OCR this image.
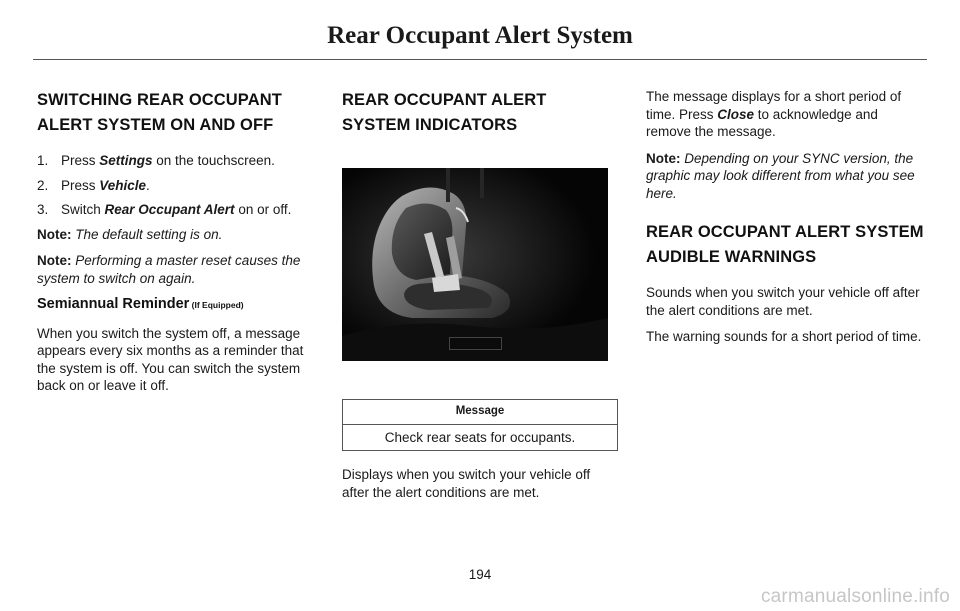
Rear Occupant Alert System
SWITCHING REAR OCCUPANT ALERT SYSTEM ON AND OFF
1. Press Settings on the touchscreen.
2. Press Vehicle.
3. Switch Rear Occupant Alert on or off.

Note: The default setting is on.

Note: Performing a master reset causes the system to switch on again.

Semiannual Reminder (If Equipped)

When you switch the system off, a message appears every six months as a reminder that the system is off. You can switch the system back on or leave it off.

REAR OCCUPANT ALERT SYSTEM INDICATORS
Message
Check rear seats for occupants.

Displays when you switch your vehicle off after the alert conditions are met.

The message displays for a short period of time. Press Close to acknowledge and remove the message.

Note: Depending on your SYNC version, the graphic may look different from what you see here.

REAR OCCUPANT ALERT SYSTEM AUDIBLE WARNINGS

Sounds when you switch your vehicle off after the alert conditions are met.

The warning sounds for a short period of time.

194
carmanualsonline.info
